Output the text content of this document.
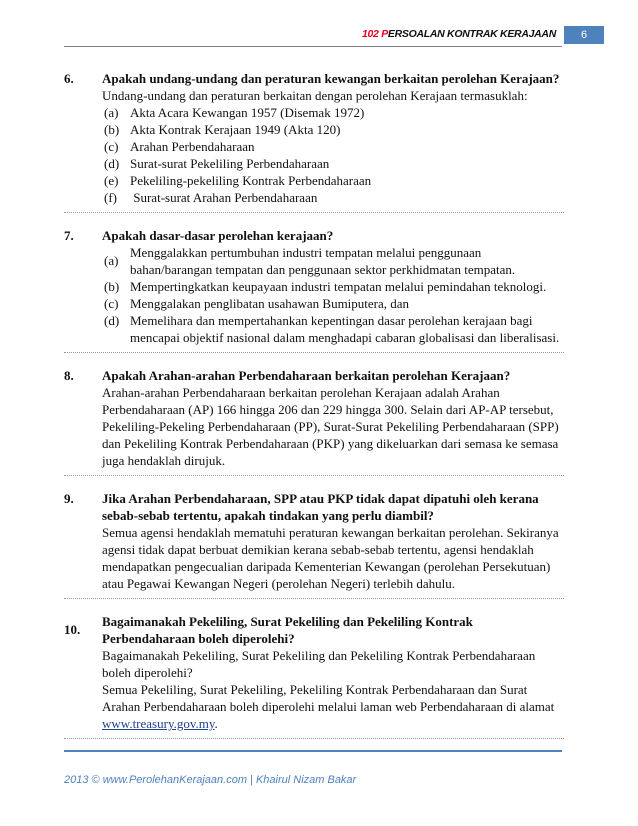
102 PERSOALAN KONTRAK KERAJAAN	6
6.	Apakah undang-undang dan peraturan kewangan berkaitan perolehan Kerajaan?
Undang-undang dan peraturan berkaitan dengan perolehan Kerajaan termasuklah:
(a) Akta Acara Kewangan 1957 (Disemak 1972)
(b) Akta Kontrak Kerajaan 1949 (Akta 120)
(c) Arahan Perbendaharaan
(d) Surat-surat Pekeliling Perbendaharaan
(e) Pekeliling-pekeliling Kontrak Perbendaharaan
(f)	Surat-surat Arahan Perbendaharaan
7.	Apakah dasar-dasar perolehan kerajaan?
(a)
Menggalakkan pertumbuhan industri tempatan melalui penggunaan bahan/barangan tempatan dan penggunaan sektor perkhidmatan tempatan.
(b) Mempertingkatkan keupayaan industri tempatan melalui pemindahan teknologi.
(c) Menggalakan penglibatan usahawan Bumiputera, dan
(d) Memelihara dan mempertahankan kepentingan dasar perolehan kerajaan bagi mencapai objektif nasional dalam menghadapi cabaran globalisasi dan liberalisasi.
8.	Apakah Arahan-arahan Perbendaharaan berkaitan perolehan Kerajaan?
Arahan-arahan Perbendaharaan berkaitan perolehan Kerajaan adalah Arahan Perbendaharaan (AP) 166 hingga 206 dan 229 hingga 300. Selain dari AP-AP tersebut, Pekeliling-Pekeling Perbendaharaan (PP), Surat-Surat Pekeliling Perbendaharaan (SPP) dan Pekeliling Kontrak Perbendaharaan (PKP) yang dikeluarkan dari semasa ke semasa juga hendaklah dirujuk.
9.	Jika Arahan Perbendaharaan, SPP atau PKP tidak dapat dipatuhi oleh kerana sebab-sebab tertentu, apakah tindakan yang perlu diambil?
Semua agensi hendaklah mematuhi peraturan kewangan berkaitan perolehan. Sekiranya agensi tidak dapat berbuat demikian kerana sebab-sebab tertentu, agensi hendaklah mendapatkan pengecualian daripada Kementerian Kewangan (perolehan Persekutuan) atau Pegawai Kewangan Negeri (perolehan Negeri) terlebih dahulu.
10.
Bagaimanakah Pekeliling, Surat Pekeliling dan Pekeliling Kontrak Perbendaharaan boleh diperolehi?
Bagaimanakah Pekeliling, Surat Pekeliling dan Pekeliling Kontrak Perbendaharaan boleh diperolehi?
Semua Pekeliling, Surat Pekeliling, Pekeliling Kontrak Perbendaharaan dan Surat Arahan Perbendaharaan boleh diperolehi melalui laman web Perbendaharaan di alamat www.treasury.gov.my.
2013 © www.PerolehanKerajaan.com | Khairul Nizam Bakar
